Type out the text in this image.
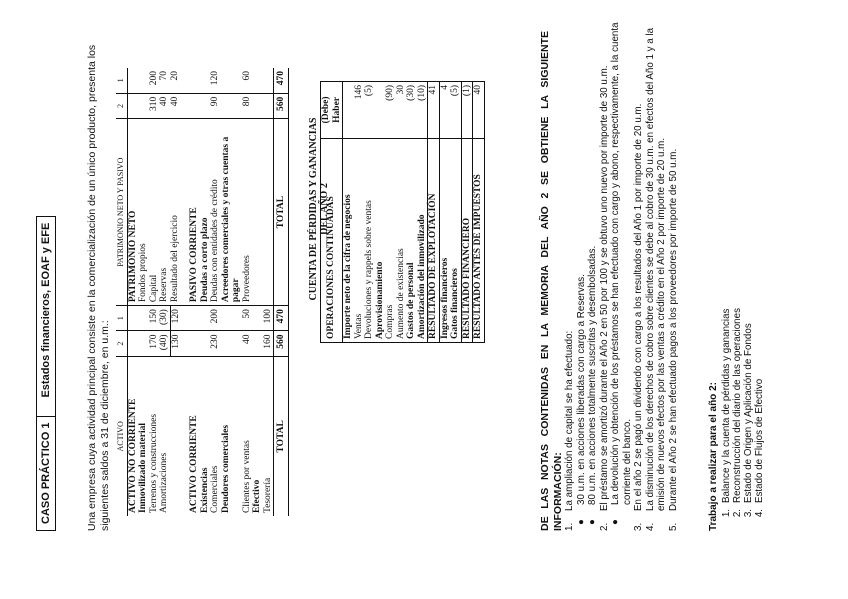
CASO PRÁCTICO 1
Estados financieros, EOAF y EFE	Una empresa cuya actividad principal consiste en la comercialización de un único producto, presenta los siguientes saldos a 31 de diciembre, en u.m.: ACTIVO	2	1	PATRIMONIO NETO Y PASIVO	2	1
ACTIVO NO CORRIENTE			PATRIMONIO NETO		
Inmovilizado material			Fondos propios		
Terrenos y construcciones	170	150	Capital	310	200
Amortizaciones	(40)	(30)	Reservas	40	70
	130	120	Resultado del ejercicio	40	20

ACTIVO CORRIENTE			PASIVO CORRIENTE		
Existencias			Deudas a corto plazo		
Comerciales	230	200	Deudas con entidades de crédito	90	120
Deudores comerciales			Acreedores comerciales y otras cuentas a pagar		
Clientes por ventas	40	50	Proveedores	80	60
Efectivo					
Tesorería	160	100			
TOTAL	560	470	TOTAL	560	470
CUENTA DE PÉRDIDAS Y GANANCIAS DEL AÑO 2
OPERACIONES CONTINUADAS	(Debe) Haber
Importe neto de la cifra de negocios	
Ventas	146
Devoluciones y rappels sobre ventas	(5)
Aprovisionamiento	
Compras	(90)
Aumento de existencias	30
Gastos de personal	(30)
Amortización del inmovilizado	(10)
RESULTADO DE EXPLOTACIÓN	41
Ingresos financieros	4
Gatos financieros	(5)
RESULTADO FINANCIERO	(1)
RESULTADO ANTES DE IMPUESTOS	40	DE LAS NOTAS CONTENIDAS EN LA MEMORIA DEL AÑO 2 SE OBTIENE LA SIGUIENTE INFORMACIÓN: 1.
La ampliación de capital se ha efectuado:
●
30 u.m. en acciones liberadas con cargo a Reservas.
●
80 u.m. en acciones totalmente suscritas y desembolsadas.
2.
El préstamo se amortizó durante el Año 2 en 50 por 100 y se obtuvo uno nuevo por importe de 30 u.m.
●
La devolución y obtención de los préstamos se han efectuado con cargo y abono, respectivamente, a la cuenta corriente del banco.
3.
En el año 2 se pagó un dividendo con cargo a los resultados del Año 1 por importe de 20 u.m.
4.
La disminución de los derechos de cobro sobre clientes se debe al cobro de 30 u.m. en efectos del Año 1 y a la emisión de nuevos efectos por las ventas a crédito en el Año 2 por importe de 20 u.m.
5.
Durante el Año 2 se han efectuado pagos a los proveedores por importe de 50 u.m.	Trabajo a realizar para el año 2: 1.
Balance y la cuenta de pérdidas y ganancias
2.
Reconstrucción del diario de las operaciones
3.
Estado de Origen y Aplicación de Fondos
4.
Estado de Flujos de Efectivo
